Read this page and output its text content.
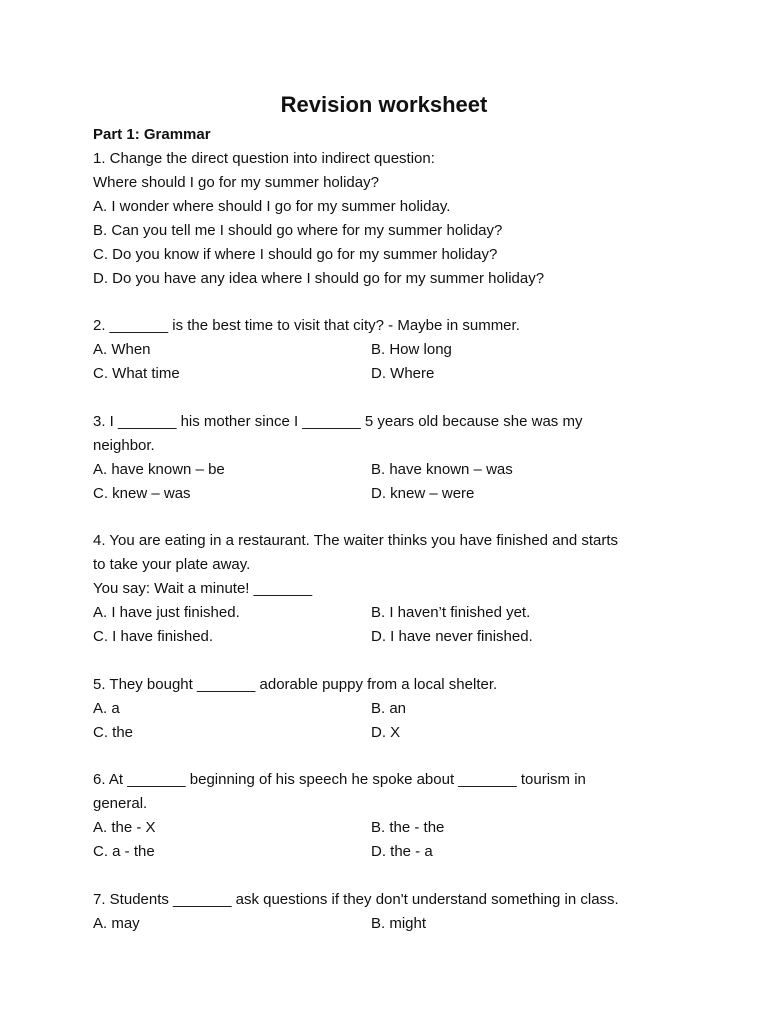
Revision worksheet
Part 1: Grammar
1. Change the direct question into indirect question:
Where should I go for my summer holiday?
A. I wonder where should I go for my summer holiday.
B. Can you tell me I should go where for my summer holiday?
C. Do you know if where I should go for my summer holiday?
D. Do you have any idea where I should go for my summer holiday?
2. _______ is the best time to visit that city? - Maybe in summer.
A. When	B. How long
C. What time	D. Where
3. I _______ his mother since I _______ 5 years old because she was my
neighbor.
A. have known – be	B. have known – was
C. knew – was	D. knew – were
4. You are eating in a restaurant. The waiter thinks you have finished and starts
to take your plate away.
You say: Wait a minute! _______
A. I have just finished.	B. I haven’t finished yet.
C. I have finished.	D. I have never finished.
5. They bought _______ adorable puppy from a local shelter.
A. a	B. an
C. the	D. X
6. At _______ beginning of his speech he spoke about _______ tourism in
general.
A. the - X	B. the - the
C. a - the	D. the - a
7. Students _______ ask questions if they don't understand something in class.
A. may	B. might
